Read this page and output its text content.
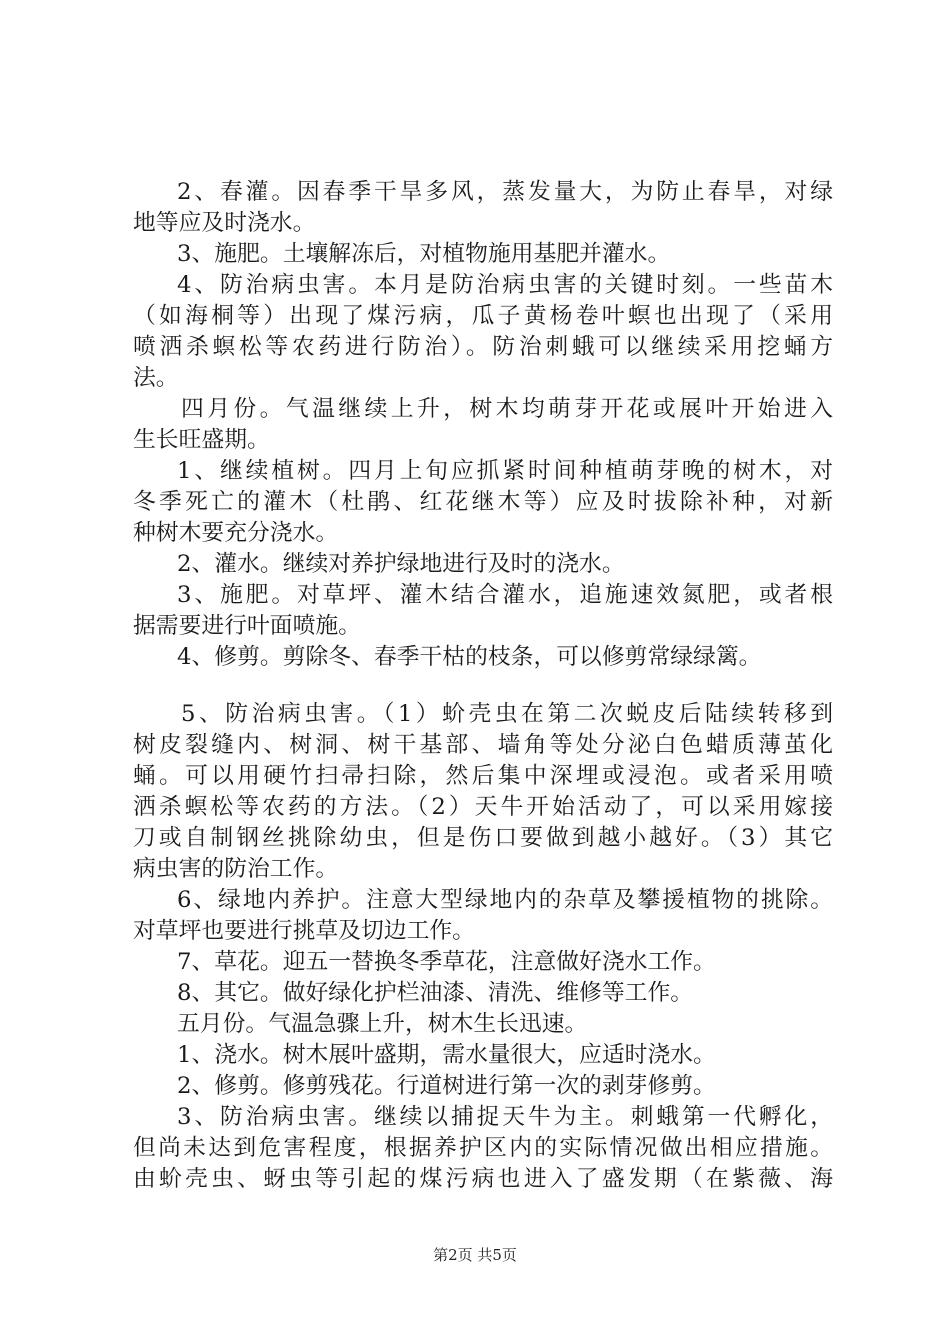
2、春灌。因春季干旱多风，蒸发量大，为防止春旱，对绿
地等应及时浇水。
3、施肥。土壤解冻后，对植物施用基肥并灌水。
4、防治病虫害。本月是防治病虫害的关键时刻。一些苗木
（如海桐等）出现了煤污病，瓜子黄杨卷叶螟也出现了（采用
喷洒杀螟松等农药进行防治）。防治刺蛾可以继续采用挖蛹方
法。
四月份。气温继续上升，树木均萌芽开花或展叶开始进入
生长旺盛期。
1、继续植树。四月上旬应抓紧时间种植萌芽晚的树木，对
冬季死亡的灌木（杜鹃、红花继木等）应及时拔除补种，对新
种树木要充分浇水。
2、灌水。继续对养护绿地进行及时的浇水。
3、施肥。对草坪、灌木结合灌水，追施速效氮肥，或者根
据需要进行叶面喷施。
4、修剪。剪除冬、春季干枯的枝条，可以修剪常绿绿篱。
5、防治病虫害。（1）蚧壳虫在第二次蜕皮后陆续转移到
树皮裂缝内、树洞、树干基部、墙角等处分泌白色蜡质薄茧化
蛹。可以用硬竹扫帚扫除，然后集中深埋或浸泡。或者采用喷
洒杀螟松等农药的方法。（2）天牛开始活动了，可以采用嫁接
刀或自制钢丝挑除幼虫，但是伤口要做到越小越好。（3）其它
病虫害的防治工作。
6、绿地内养护。注意大型绿地内的杂草及攀援植物的挑除。
对草坪也要进行挑草及切边工作。
7、草花。迎五一替换冬季草花，注意做好浇水工作。
8、其它。做好绿化护栏油漆、清洗、维修等工作。
五月份。气温急骤上升，树木生长迅速。
1、浇水。树木展叶盛期，需水量很大，应适时浇水。
2、修剪。修剪残花。行道树进行第一次的剥芽修剪。
3、防治病虫害。继续以捕捉天牛为主。刺蛾第一代孵化，
但尚未达到危害程度，根据养护区内的实际情况做出相应措施。
由蚧壳虫、蚜虫等引起的煤污病也进入了盛发期（在紫薇、海
第2页 共5页
